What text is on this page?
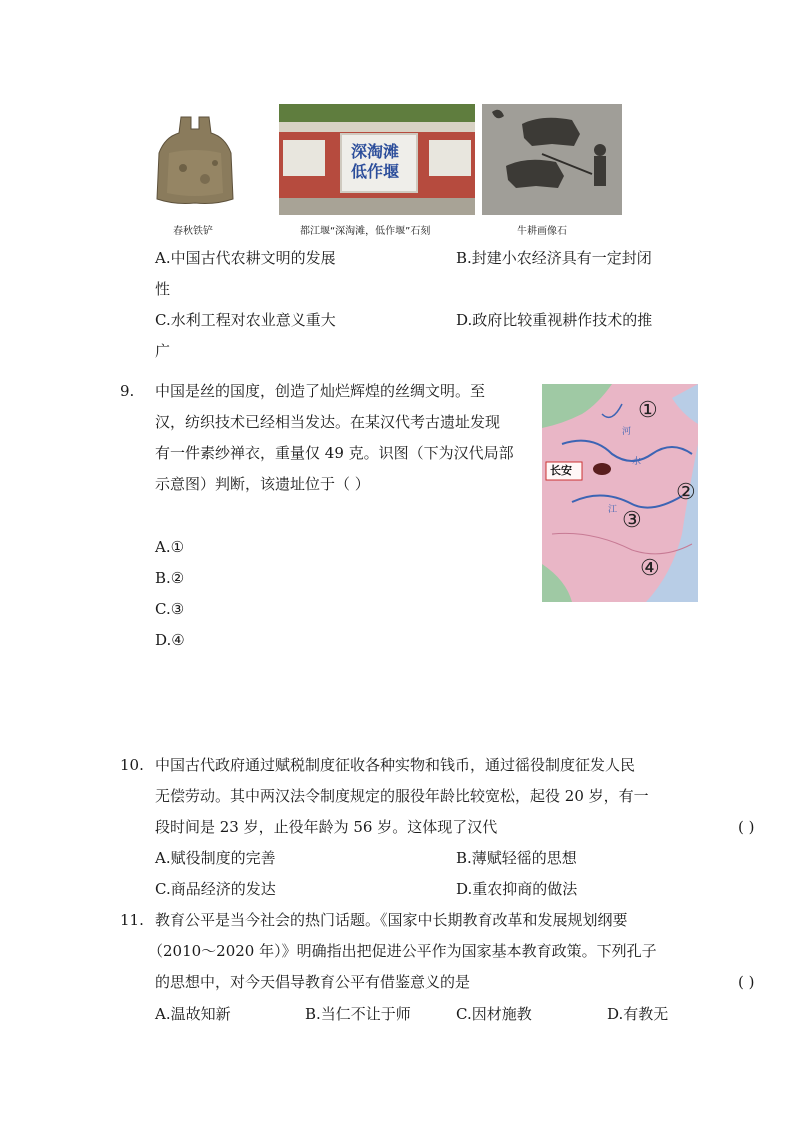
春秋铁铲
深淘滩低作堰
都江堰“深淘滩，低作堰”石刻	牛耕画像石
A.中国古代农耕文明的发展	B.封建小农经济具有一定封闭
性
C.水利工程对农业意义重大	D.政府比较重视耕作技术的推
广
9. 中国是丝的国度，创造了灿烂辉煌的丝绸文明。至
汉，纺织技术已经相当发达。在某汉代考古遗址发现
有一件素纱禅衣，重量仅 49 克。识图（下为汉代局部
示意图）判断，该遗址位于（ ）
A.①
B.②
C.③
D.④
长安
①
②
③
④
河
水
江
10. 中国古代政府通过赋税制度征收各种实物和钱币，通过徭役制度征发人民
无偿劳动。其中两汉法令制度规定的服役年龄比较宽松，起役 20 岁，有一
段时间是 23 岁，止役年龄为 56 岁。这体现了汉代	( )
A.赋役制度的完善	B.薄赋轻徭的思想
C.商品经济的发达	D.重农抑商的做法
11. 教育公平是当今社会的热门话题。《国家中长期教育改革和发展规划纲要
（2010～2020 年）》明确指出把促进公平作为国家基本教育政策。下列孔子
的思想中，对今天倡导教育公平有借鉴意义的是	( )
A.温故知新	B.当仁不让于师	C.因材施教	D.有教无
